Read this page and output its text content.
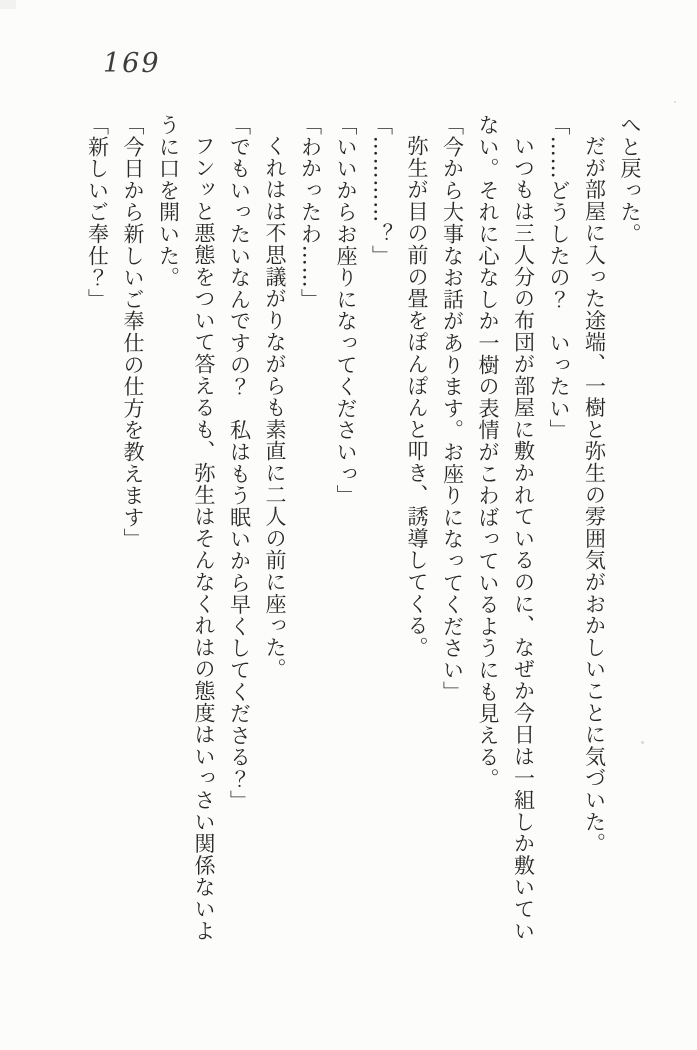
169

へと戻った。

だが部屋に入った途端、一樹と弥生の雰囲気がおかしいことに気づいた。

「……どうしたの？　いったい」

いつもは三人分の布団が部屋に敷かれているのに、なぜか今日は一組しか敷いていない。それに心なしか一樹の表情がこわばっているようにも見える。

「今から大事なお話があります。お座りになってください」

弥生が目の前の畳をぽんぽんと叩き、誘導してくる。

「…………？」

「いいからお座りになってくださいっ」

「わかったわ……」

くれはは不思議がりながらも素直に二人の前に座った。

「でもいったいなんですの？　私はもう眠いから早くしてくださる？」

フンッと悪態をついて答えるも、弥生はそんなくれはの態度はいっさい関係ないように口を開いた。

「今日から新しいご奉仕の仕方を教えます」

「新しいご奉仕？」
